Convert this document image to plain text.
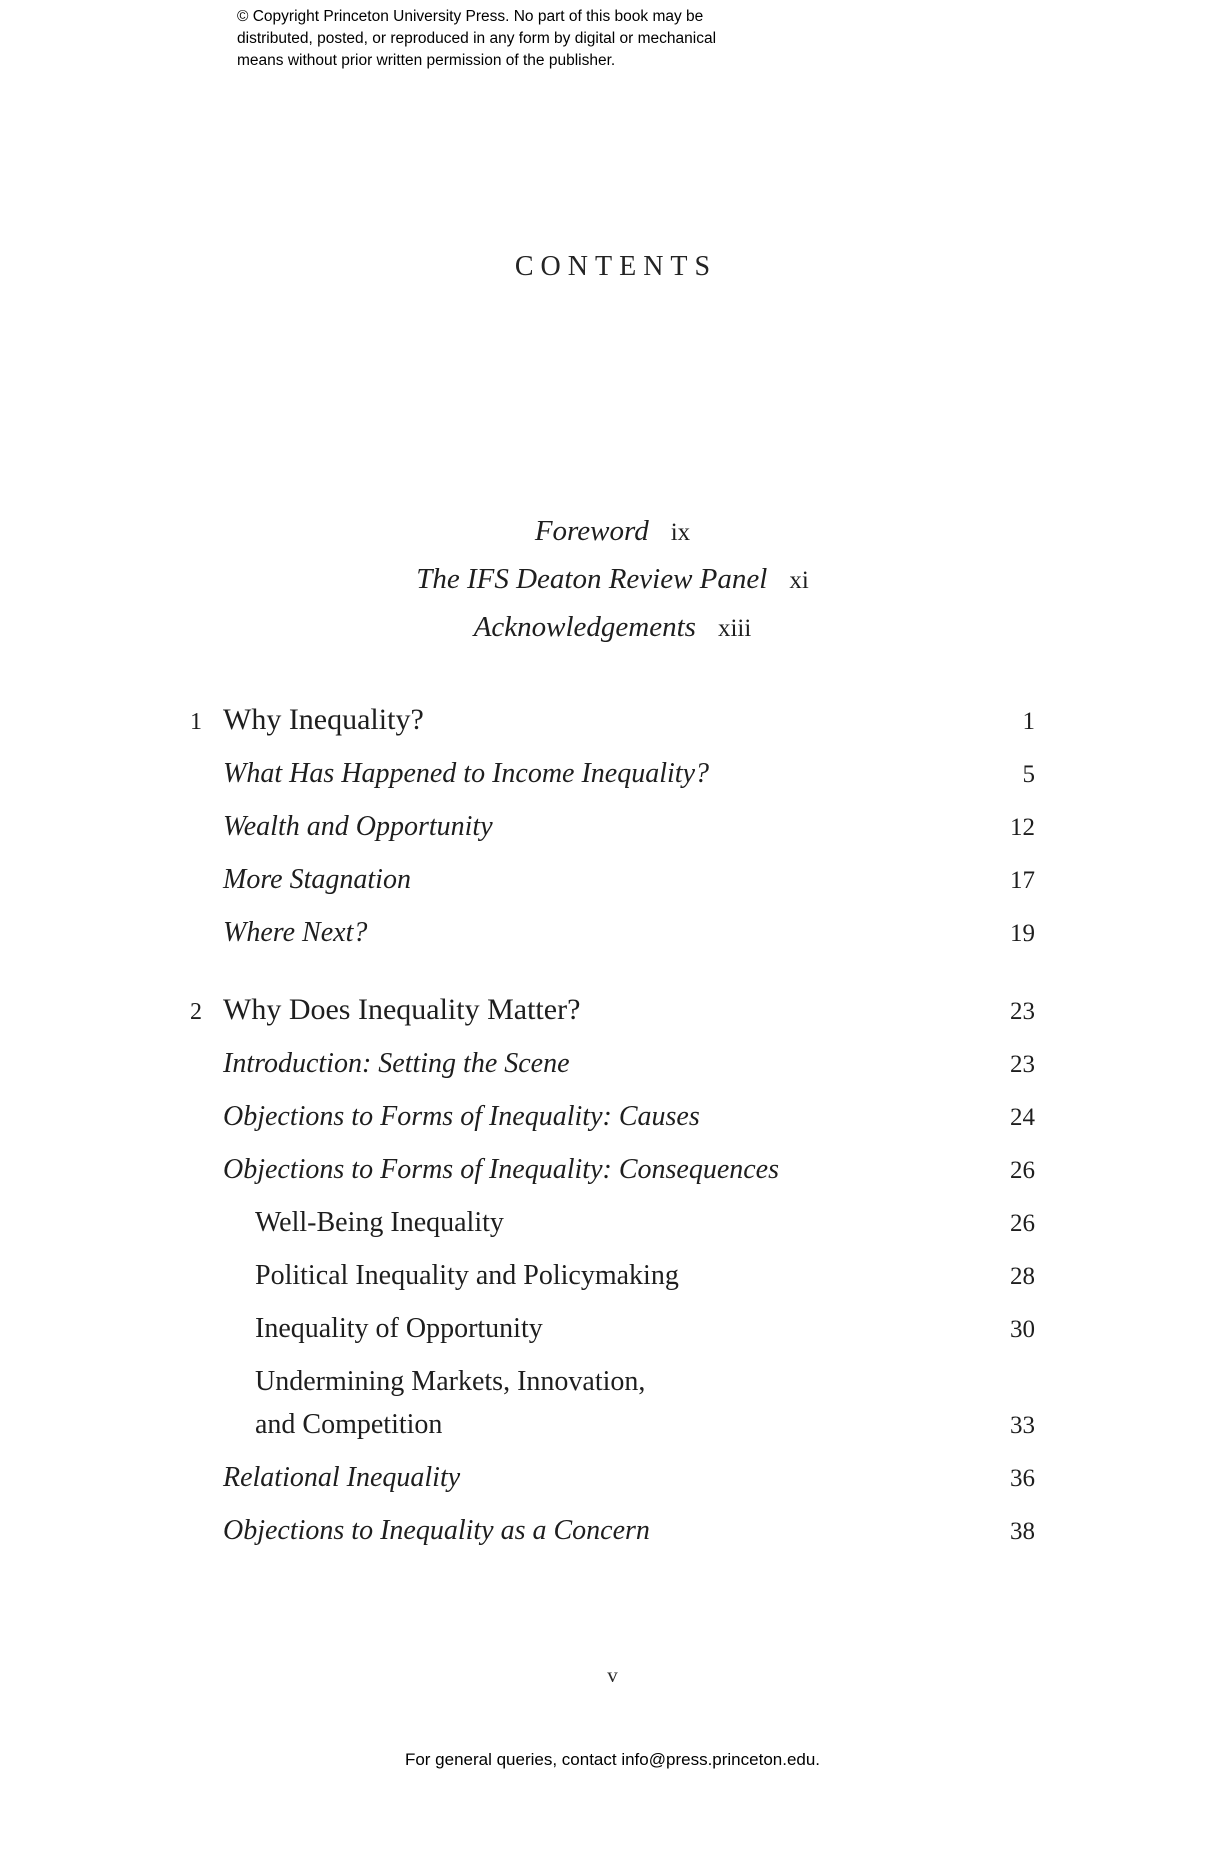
© Copyright Princeton University Press. No part of this book may be
distributed, posted, or reproduced in any form by digital or mechanical
means without prior written permission of the publisher.
CONTENTS
Foreword ix
The IFS Deaton Review Panel xi
Acknowledgements xiii
1 Why Inequality?	1
What Has Happened to Income Inequality?	5
Wealth and Opportunity	12
More Stagnation	17
Where Next?	19
2 Why Does Inequality Matter?	23
Introduction: Setting the Scene	23
Objections to Forms of Inequality: Causes	24
Objections to Forms of Inequality: Consequences	26
Well-Being Inequality	26
Political Inequality and Policymaking	28
Inequality of Opportunity	30
Undermining Markets, Innovation,
and Competition	33
Relational Inequality	36
Objections to Inequality as a Concern	38
v
For general queries, contact info@press.princeton.edu.
